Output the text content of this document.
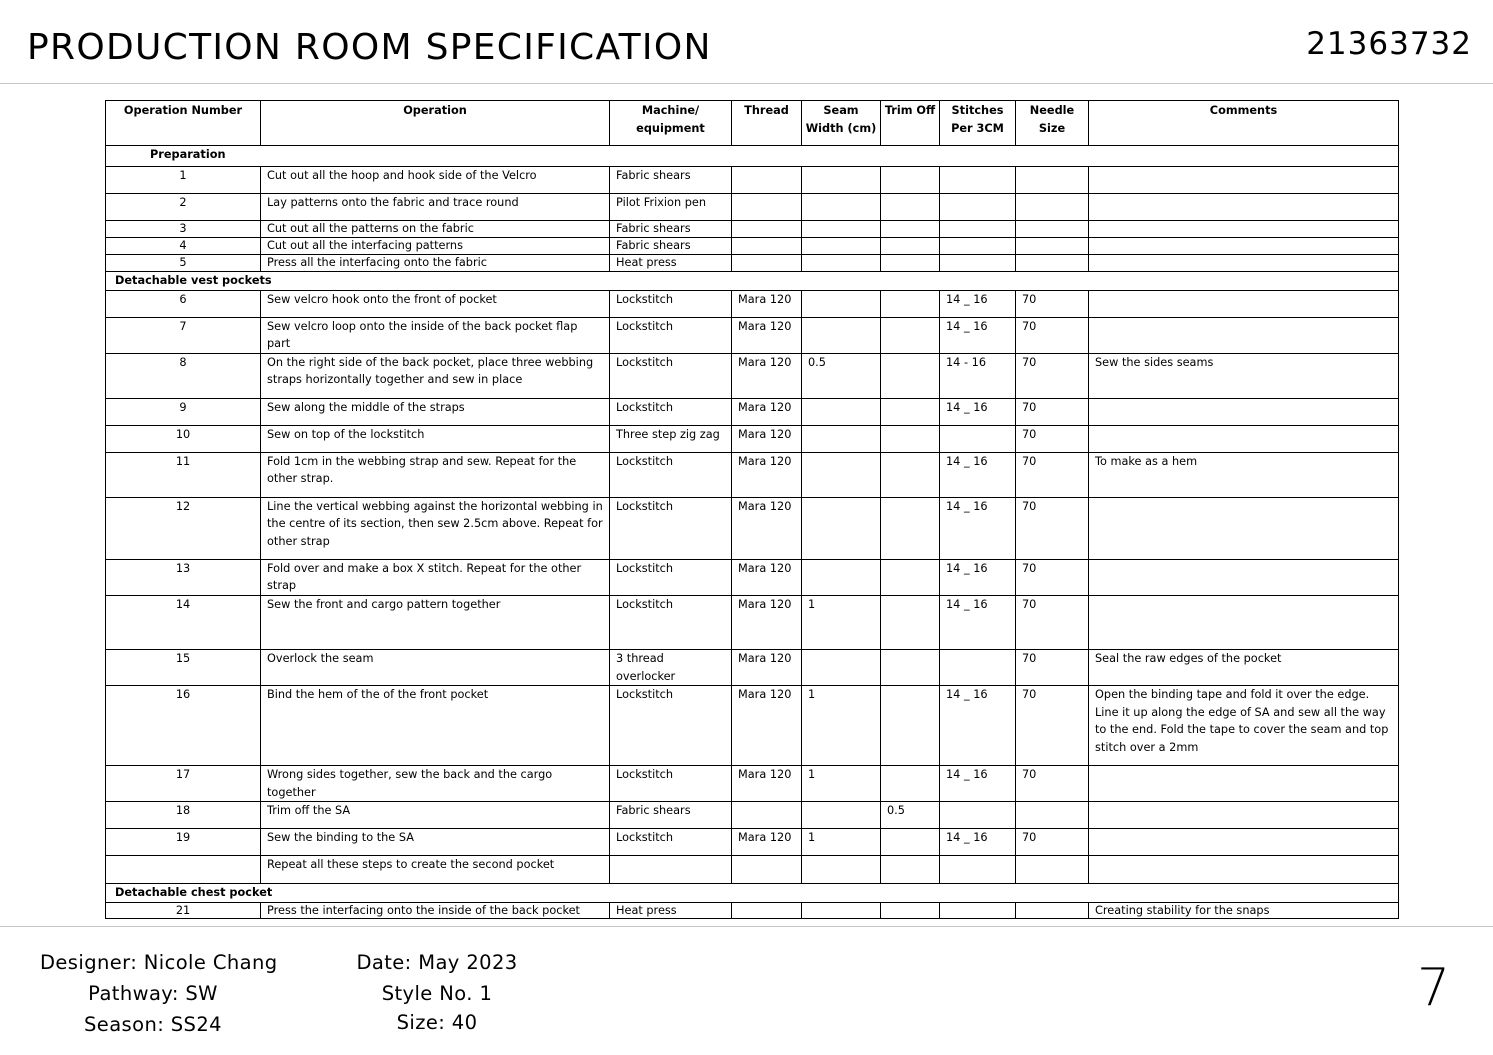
PRODUCTION ROOM SPECIFICATION	21363732
Operation Number	Operation	Machine/ equipment	Thread	Seam Width (cm)	Trim Off	Stitches Per 3CM	Needle Size	Comments
Preparation								
1	Cut out all the hoop and hook side of the Velcro	Fabric shears						
2	Lay patterns onto the fabric and trace round	Pilot Frixion pen						
3	Cut out all the patterns on the fabric	Fabric shears						
4	Cut out all the interfacing patterns	Fabric shears						
5	Press all the interfacing onto the fabric	Heat press						
Detachable vest pockets								
6	Sew velcro hook onto the front of pocket	Lockstitch	Mara 120			14 _ 16	70	
7	Sew velcro loop onto the inside of the back pocket flap part	Lockstitch	Mara 120			14 _ 16	70	
8	On the right side of the back pocket, place three webbing straps horizontally together and sew in place	Lockstitch	Mara 120	0.5		14 - 16	70	Sew the sides seams
9	Sew along the middle of the straps	Lockstitch	Mara 120			14 _ 16	70	
10	Sew on top of the lockstitch	Three step zig zag	Mara 120				70	
11	Fold 1cm in the webbing strap and sew. Repeat for the other strap.	Lockstitch	Mara 120			14 _ 16	70	To make as a hem
12	Line the vertical webbing against the horizontal webbing in the centre of its section, then sew 2.5cm above. Repeat for other strap	Lockstitch	Mara 120			14 _ 16	70	
13	Fold over and make a box X stitch. Repeat for the other strap	Lockstitch	Mara 120			14 _ 16	70	
14	Sew the front and cargo pattern together	Lockstitch	Mara 120	1		14 _ 16	70	
15	Overlock the seam	3 thread overlocker	Mara 120				70	Seal the raw edges of the pocket
16	Bind the hem of the of the front pocket	Lockstitch	Mara 120	1		14 _ 16	70	Open the binding tape and fold it over the edge. Line it up along the edge of SA and sew all the way to the end. Fold the tape to cover the seam and top stitch over a 2mm
17	Wrong sides together, sew the back and the cargo together	Lockstitch	Mara 120	1		14 _ 16	70	
18	Trim off the SA	Fabric shears			0.5			
19	Sew the binding to the SA	Lockstitch	Mara 120	1		14 _ 16	70	
	Repeat all these steps to create the second pocket							
Detachable chest pocket								
21	Press the interfacing onto the inside of the back pocket	Heat press						Creating stability for the snaps
Designer: Nicole Chang
Pathway: SW
Season: SS24
Date: May 2023
Style No. 1
Size: 40
7
